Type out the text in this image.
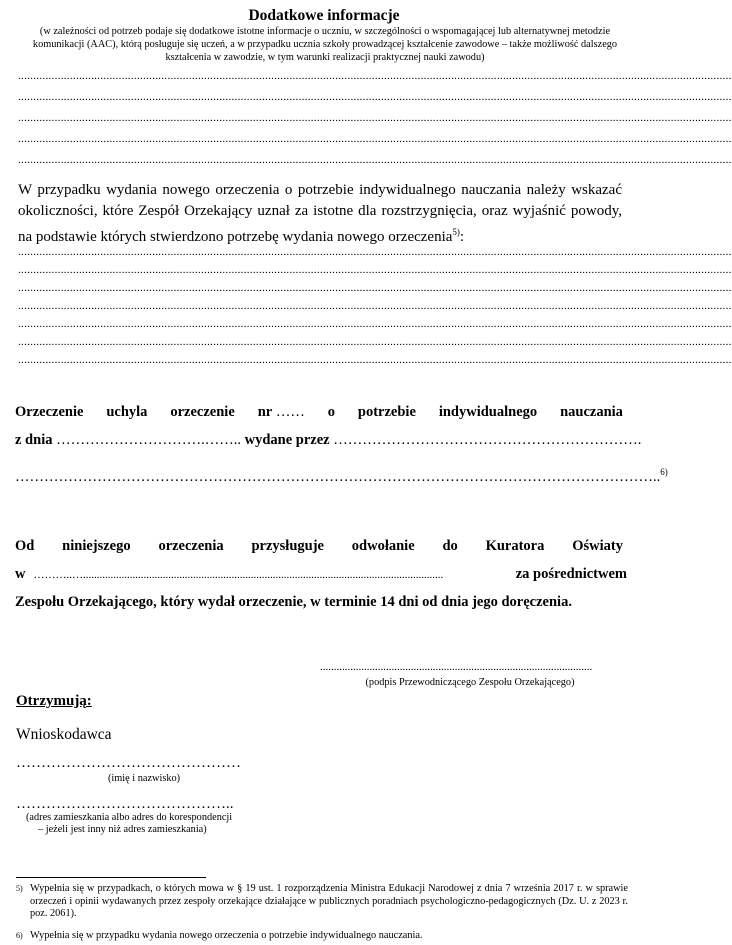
Dodatkowe informacje
(w zależności od potrzeb podaje się dodatkowe istotne informacje o uczniu, w szczególności o wspomagającej lub alternatywnej metodzie komunikacji (AAC), którą posługuje się uczeń, a w przypadku ucznia szkoły prowadzącej kształcenie zawodowe – także możliwość dalszego kształcenia w zawodzie, w tym warunki realizacji praktycznej nauki zawodu)
..........................................................................................................................................................................................................................................
..........................................................................................................................................................................................................................................
..........................................................................................................................................................................................................................................
..........................................................................................................................................................................................................................................
..........................................................................................................................................................................................................................................
W przypadku wydania nowego orzeczenia o potrzebie indywidualnego nauczania należy wskazać okoliczności, które Zespół Orzekający uznał za istotne dla rozstrzygnięcia, oraz wyjaśnić powody, na podstawie których stwierdzono potrzebę wydania nowego orzeczenia$^{5)}$:
..........................................................................................................................................................................................................................................
..........................................................................................................................................................................................................................................
..........................................................................................................................................................................................................................................
..........................................................................................................................................................................................................................................
..........................................................................................................................................................................................................................................
..........................................................................................................................................................................................................................................
..........................................................................................................................................................................................................................................
Orzeczenie uchyla orzeczenie nr …… o potrzebie indywidualnego nauczania
z dnia ………………………….…….. wydane przez ……………………………………………………….
……………………………………………………………………………………………………………………..$^{6)}$
Od niniejszego orzeczenia przysługuje odwołanie do Kuratora Oświaty
w ………..…...................................................................................................................................	za pośrednictwem
Zespołu Orzekającego, który wydał orzeczenie, w terminie 14 dni od dnia jego doręczenia.
...................................................................................................
(podpis Przewodniczącego Zespołu Orzekającego)
Otrzymują:
Wnioskodawca
………………………………………
(imię i nazwisko)
……………………………………..
(adres zamieszkania albo adres do korespondencji
– jeżeli jest inny niż adres zamieszkania)
5) Wypełnia się w przypadkach, o których mowa w § 19 ust. 1 rozporządzenia Ministra Edukacji Narodowej z dnia 7 września 2017 r. w sprawie orzeczeń i opinii wydawanych przez zespoły orzekające działające w publicznych poradniach psychologiczno-pedagogicznych (Dz. U. z 2023 r. poz. 2061).
6) Wypełnia się w przypadku wydania nowego orzeczenia o potrzebie indywidualnego nauczania.
